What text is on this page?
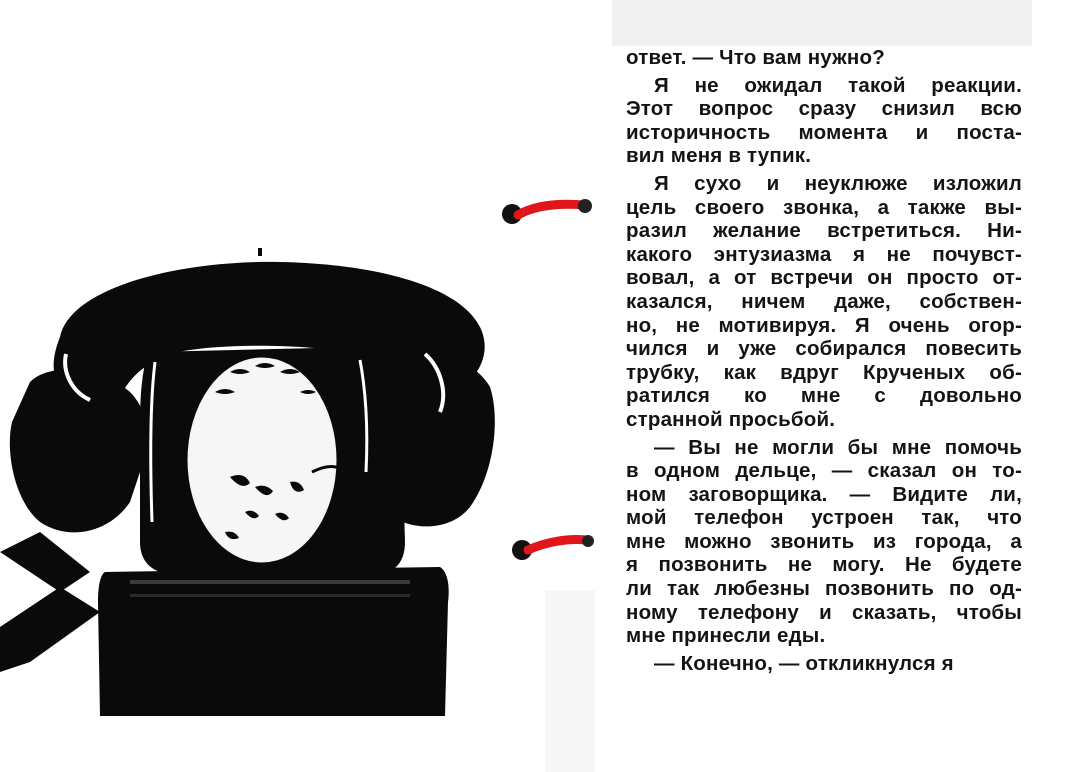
ответ. — Что вам нужно?
Я не ожидал такой реакции.
Этот вопрос сразу снизил всю
историчность момента и поста-
вил меня в тупик.
Я сухо и неуклюже изложил
цель своего звонка, а также вы-
разил желание встретиться. Ни-
какого энтузиазма я не почувст-
вовал, а от встречи он просто от-
казался, ничем даже, собствен-
но, не мотивируя. Я очень огор-
чился и уже собирался повесить
трубку, как вдруг Крученых об-
ратился ко мне с довольно
странной просьбой.
— Вы не могли бы мне помочь
в одном дельце, — сказал он то-
ном заговорщика. — Видите ли,
мой телефон устроен так, что
мне можно звонить из города, а
я позвонить не могу. Не будете
ли так любезны позвонить по од-
ному телефону и сказать, чтобы
мне принесли еды.
— Конечно, — откликнулся я
